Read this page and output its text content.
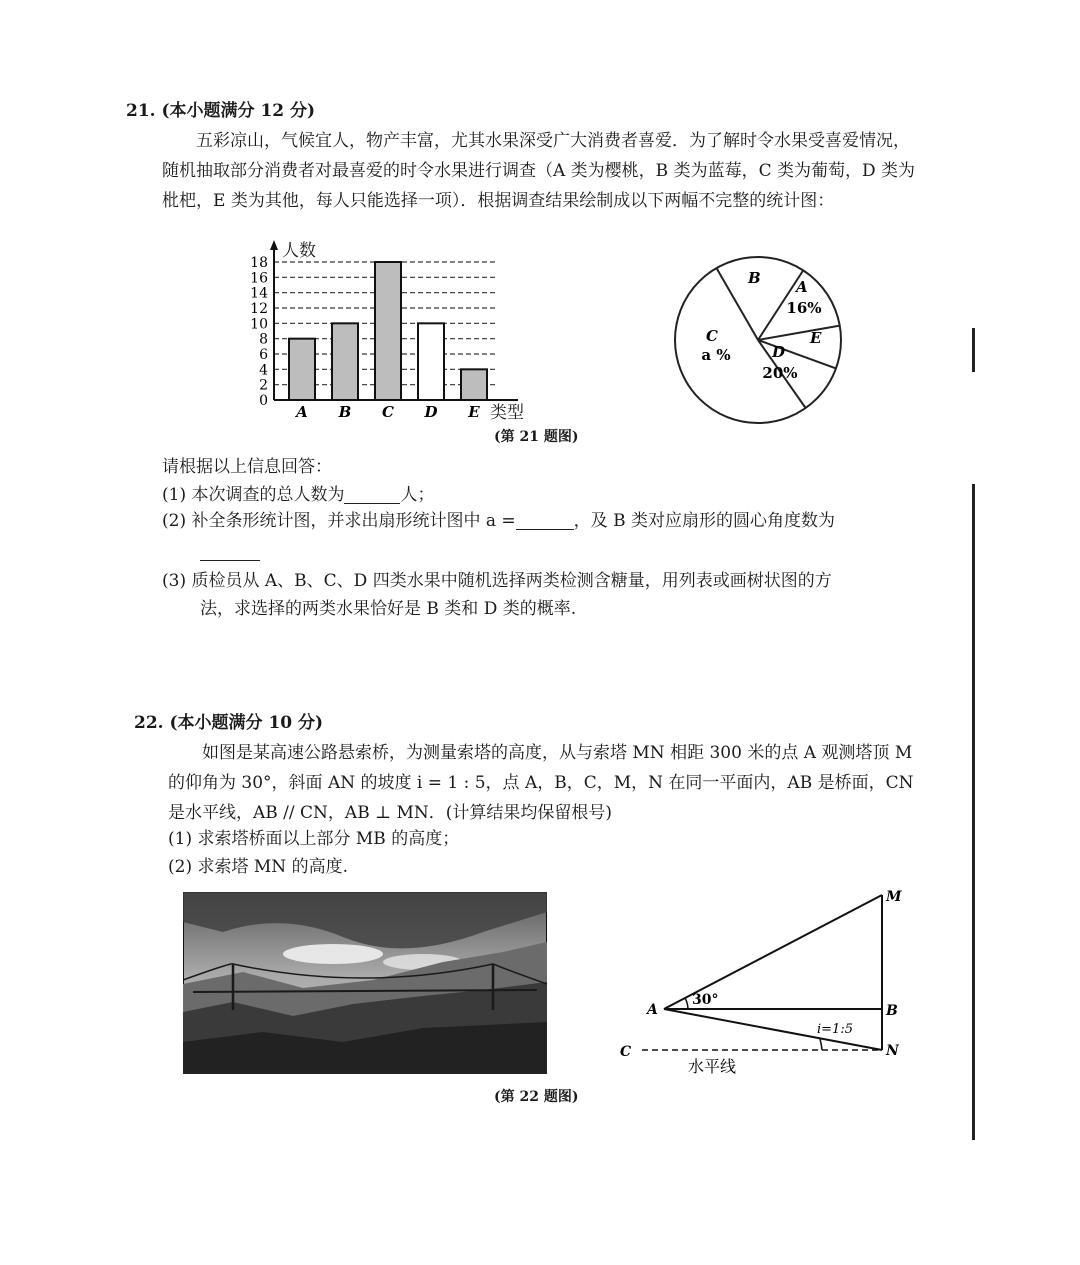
21. (本小题满分 12 分)
五彩凉山，气候宜人，物产丰富，尤其水果深受广大消费者喜爱．为了解时令水果受喜爱情况，随机抽取部分消费者对最喜爱的时令水果进行调查（A 类为樱桃，B 类为蓝莓，C 类为葡萄，D 类为枇杷，E 类为其他，每人只能选择一项）．根据调查结果绘制成以下两幅不完整的统计图：
0
2
4
6
8
10
12
14
16
18
A B C D E
人数
类型
B A
16%
E
D
20%
C
a %
(第 21 题图)
请根据以上信息回答：
(1) 本次调查的总人数为	人；
(2) 补全条形统计图，并求出扇形统计图中 a =	，及 B 类对应扇形的圆心角度数为
(3) 质检员从 A、B、C、D 四类水果中随机选择两类检测含糖量，用列表或画树状图的方
法，求选择的两类水果恰好是 B 类和 D 类的概率.
22. (本小题满分 10 分)
如图是某高速公路悬索桥，为测量索塔的高度，从与索塔 MN 相距 300 米的点 A 观测塔顶 M 的仰角为 30°，斜面 AN 的坡度 i = 1 : 5，点 A，B，C，M，N 在同一平面内，AB 是桥面，CN 是水平线，AB // CN，AB ⊥ MN．(计算结果均保留根号)
(1) 求索塔桥面以上部分 MB 的高度；
(2) 求索塔 MN 的高度.
M
A	B
C	N
30°
i=1:5
水平线
(第 22 题图)
